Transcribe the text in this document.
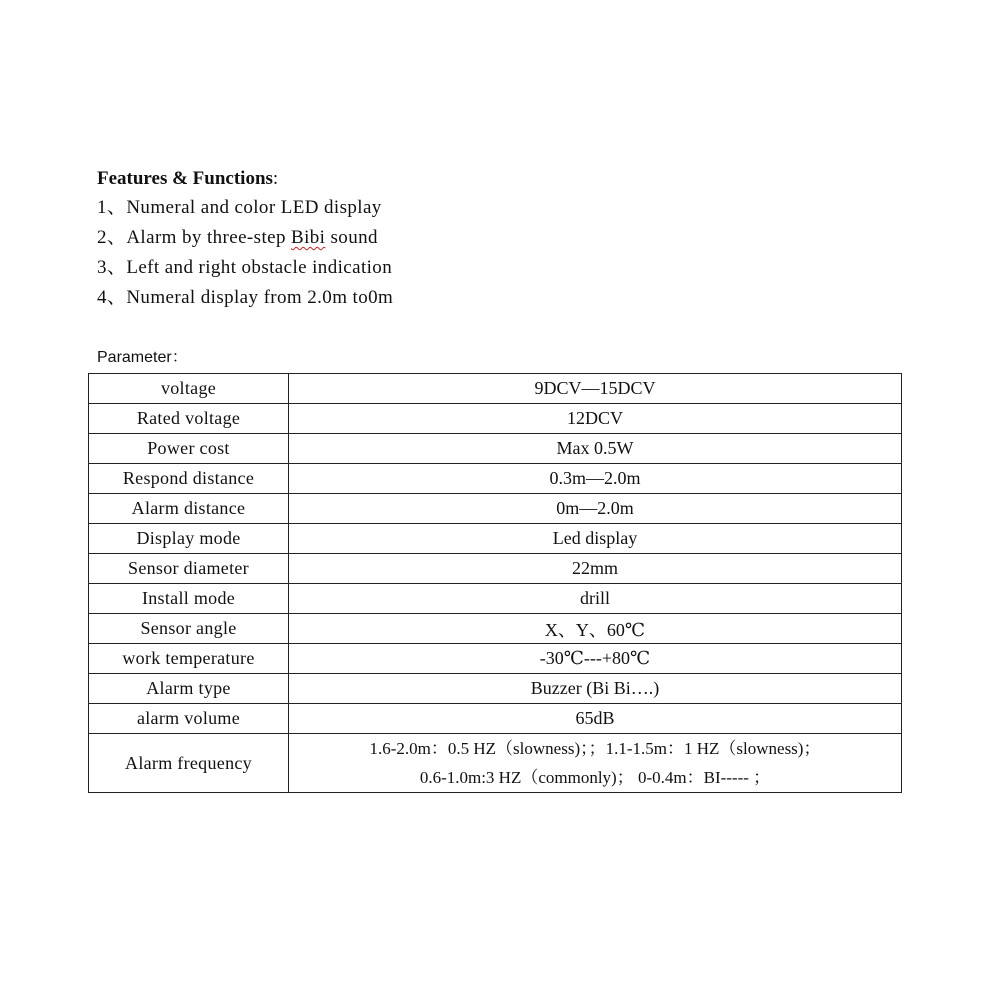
Features & Functions:
1、Numeral and color LED display
2、Alarm by three-step Bibi sound
3、Left and right obstacle indication
4、Numeral display from 2.0m to0m
Parameter：
voltage	9DCV—15DCV
Rated voltage	12DCV
Power cost	Max 0.5W
Respond distance	0.3m—2.0m
Alarm distance	0m—2.0m
Display mode	Led display
Sensor diameter	22mm
Install mode	drill
Sensor angle	X、Y、60℃
work temperature	-30℃---+80℃
Alarm type	Buzzer (Bi Bi….)
alarm volume	65dB
Alarm frequency	1.6-2.0m：0.5 HZ（slowness)；；1.1-1.5m：1 HZ（slowness)；
0.6-1.0m:3 HZ（commonly)； 0-0.4m：BI----- ；
